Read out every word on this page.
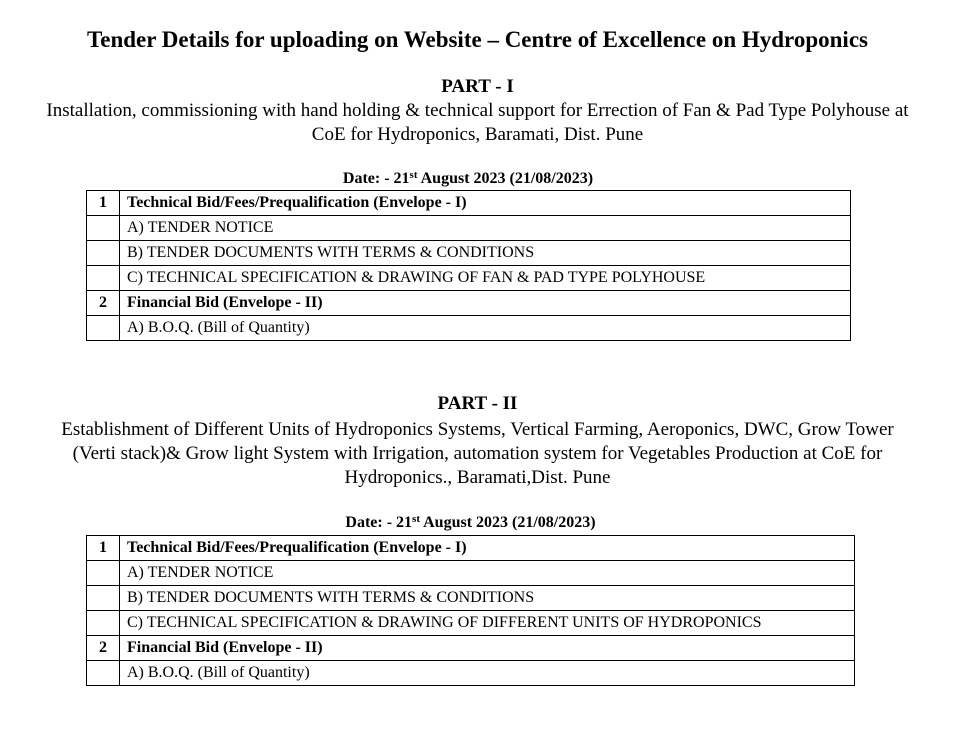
Tender Details for uploading on Website – Centre of Excellence on Hydroponics
PART - I
Installation, commissioning with hand holding & technical support for Errection of Fan & Pad Type Polyhouse at
CoE for Hydroponics, Baramati, Dist. Pune
Date: - 21st August 2023 (21/08/2023)
1	Technical Bid/Fees/Prequalification (Envelope - I)
	A) TENDER NOTICE
	B) TENDER DOCUMENTS WITH TERMS & CONDITIONS
	C) TECHNICAL SPECIFICATION & DRAWING OF FAN & PAD TYPE POLYHOUSE
2	Financial Bid (Envelope - II)
	A) B.O.Q. (Bill of Quantity)
PART - II
Establishment of Different Units of Hydroponics Systems, Vertical Farming, Aeroponics, DWC, Grow Tower
(Verti stack)& Grow light System with Irrigation, automation system for Vegetables Production at CoE for
Hydroponics., Baramati,Dist. Pune
Date: - 21st August 2023 (21/08/2023)
1	Technical Bid/Fees/Prequalification (Envelope - I)
	A) TENDER NOTICE
	B) TENDER DOCUMENTS WITH TERMS & CONDITIONS
	C) TECHNICAL SPECIFICATION & DRAWING OF DIFFERENT UNITS OF HYDROPONICS
2	Financial Bid (Envelope - II)
	A) B.O.Q. (Bill of Quantity)
